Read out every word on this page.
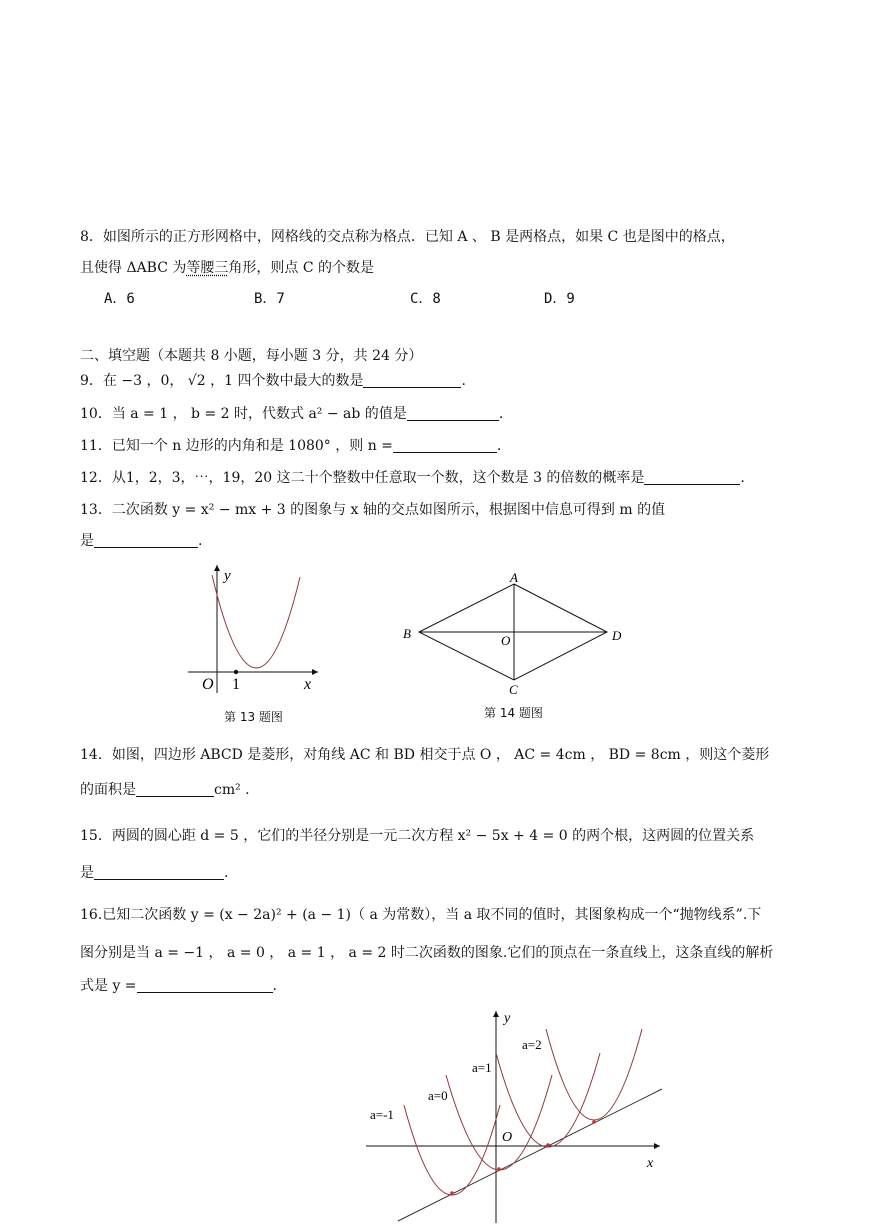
8．如图所示的正方形网格中，网格线的交点称为格点．已知 A 、 B 是两格点，如果 C 也是图中的格点，
且使得 ΔABC 为等腰三角形，则点 C 的个数是
A．6	B．7	C．8	D．9
二、填空题（本题共 8 小题，每小题 3 分，共 24 分）
9．在 −3 ，0， √2 ，1 四个数中最大的数是	.
10．当 a = 1 ， b = 2 时，代数式 a² − ab 的值是	.
11．已知一个 n 边形的内角和是 1080° ，则 n =	.
12．从1，2，3，⋯，19，20 这二十个整数中任意取一个数，这个数是 3 的倍数的概率是	.
13．二次函数 y = x² − mx + 3 的图象与 x 轴的交点如图所示，根据图中信息可得到 m 的值
是	.
y
O 1	x
第 13 题图
A
B	O	D
C
第 14 题图
14．如图，四边形 ABCD 是菱形，对角线 AC 和 BD 相交于点 O ， AC = 4cm ， BD = 8cm ，则这个菱形
的面积是	cm² .
15．两圆的圆心距 d = 5 ，它们的半径分别是一元二次方程 x² − 5x + 4 = 0 的两个根，这两圆的位置关系
是	.
16.已知二次函数 y = (x − 2a)² + (a − 1)（ a 为常数），当 a 取不同的值时，其图象构成一个“抛物线系”.下
图分别是当 a = −1 ， a = 0 ， a = 1 ， a = 2 时二次函数的图象.它们的顶点在一条直线上，这条直线的解析
式是 y =	.
y
O
x
a=-1
a=0
a=1
a=2
